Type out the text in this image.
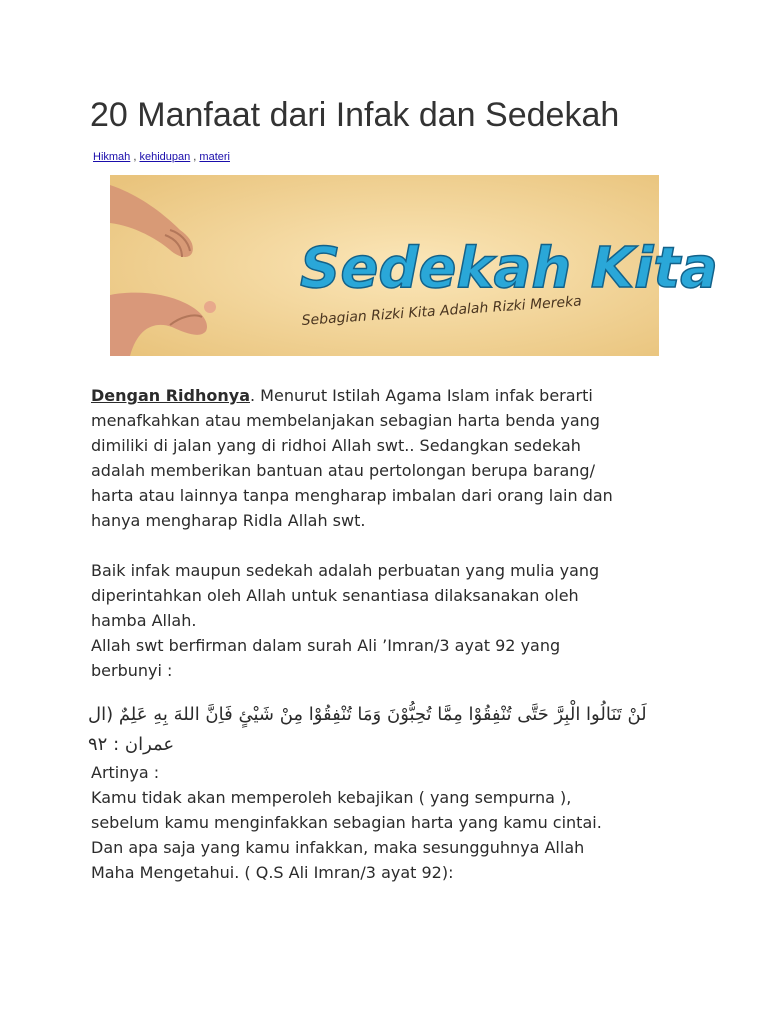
20 Manfaat dari Infak dan Sedekah
Hikmah , kehidupan , materi
Sedekah Kita
Sebagian Rizki Kita Adalah Rizki Mereka
Dengan Ridhonya. Menurut Istilah Agama Islam infak berarti
menafkahkan atau membelanjakan sebagian harta benda yang
dimiliki di jalan yang di ridhoi Allah swt.. Sedangkan sedekah
adalah memberikan bantuan atau pertolongan berupa barang/
harta atau lainnya tanpa mengharap imbalan dari orang lain dan
hanya mengharap Ridla Allah swt.
Baik infak maupun sedekah adalah perbuatan yang mulia yang
diperintahkan oleh Allah untuk senantiasa dilaksanakan oleh
hamba Allah.
Allah swt berfirman dalam surah Ali ’Imran/3 ayat 92 yang
berbunyi :
لَنْ تَنَالُوا الْبِرَّ حَتَّى تُنْفِقُوْا مِمَّا تُحِبُّوْنَ وَمَا تُنْفِقُوْا مِنْ شَيْئٍ فَاِنَّ اللهَ بِهِ عَلِمٌ (ال عمران : ٩٢
Artinya :
Kamu tidak akan memperoleh kebajikan ( yang sempurna ),
sebelum kamu menginfakkan sebagian harta yang kamu cintai.
Dan apa saja yang kamu infakkan, maka sesungguhnya Allah
Maha Mengetahui. ( Q.S Ali Imran/3 ayat 92):
